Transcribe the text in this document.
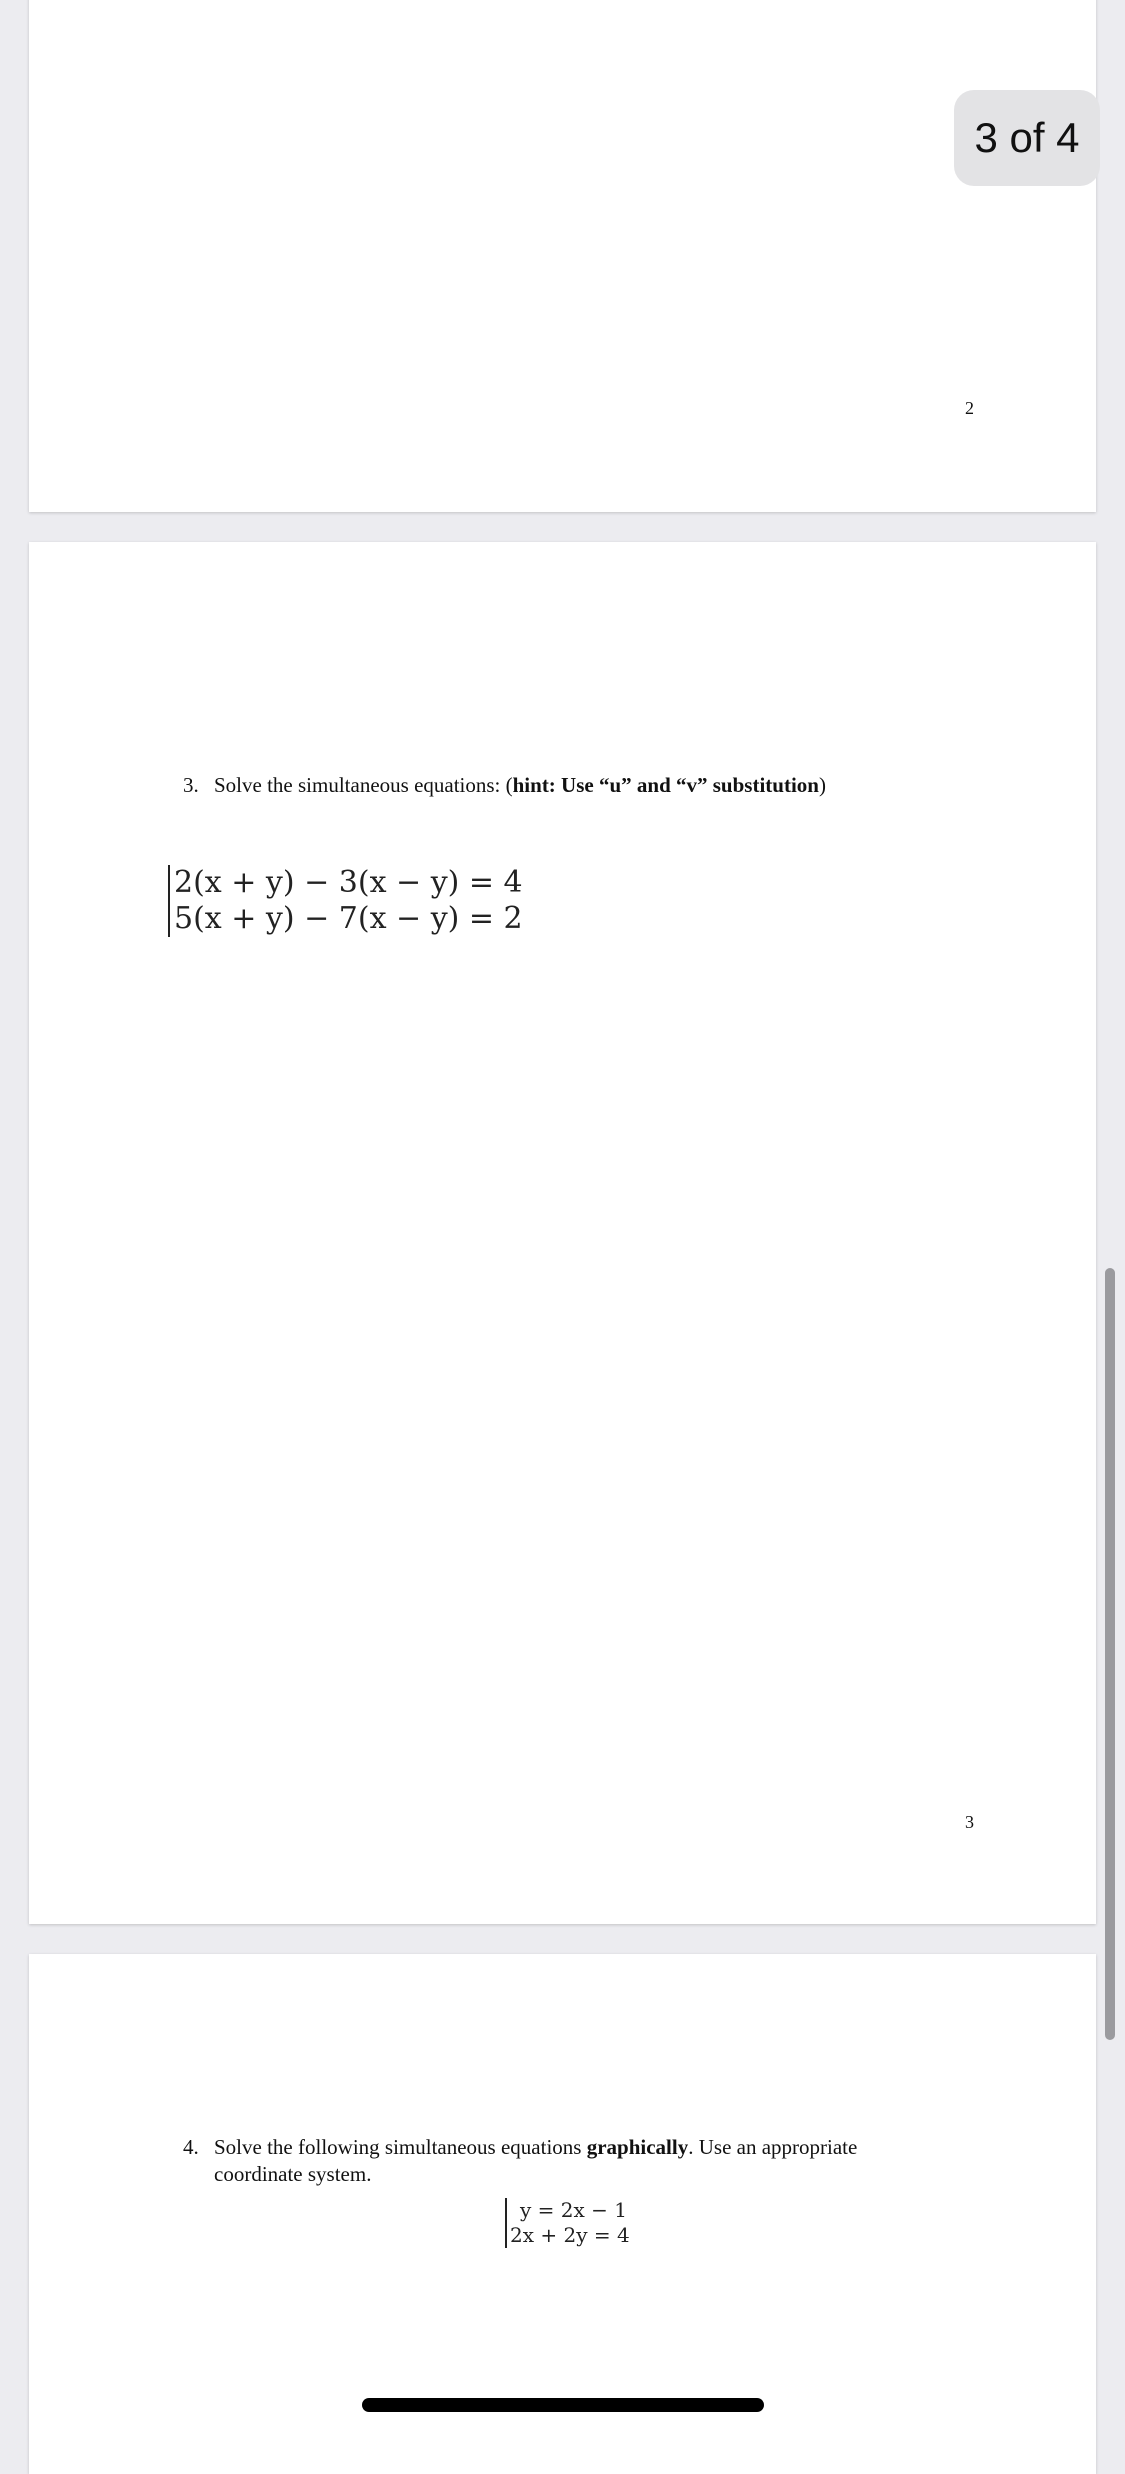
2
3. Solve the simultaneous equations: (hint: Use “u” and “v” substitution)
2(x + y) − 3(x − y) = 4
5(x + y) − 7(x − y) = 2
3
4. Solve the following simultaneous equations graphically. Use an appropriate
coordinate system.
y = 2x − 1
2x + 2y = 4
3 of 4
